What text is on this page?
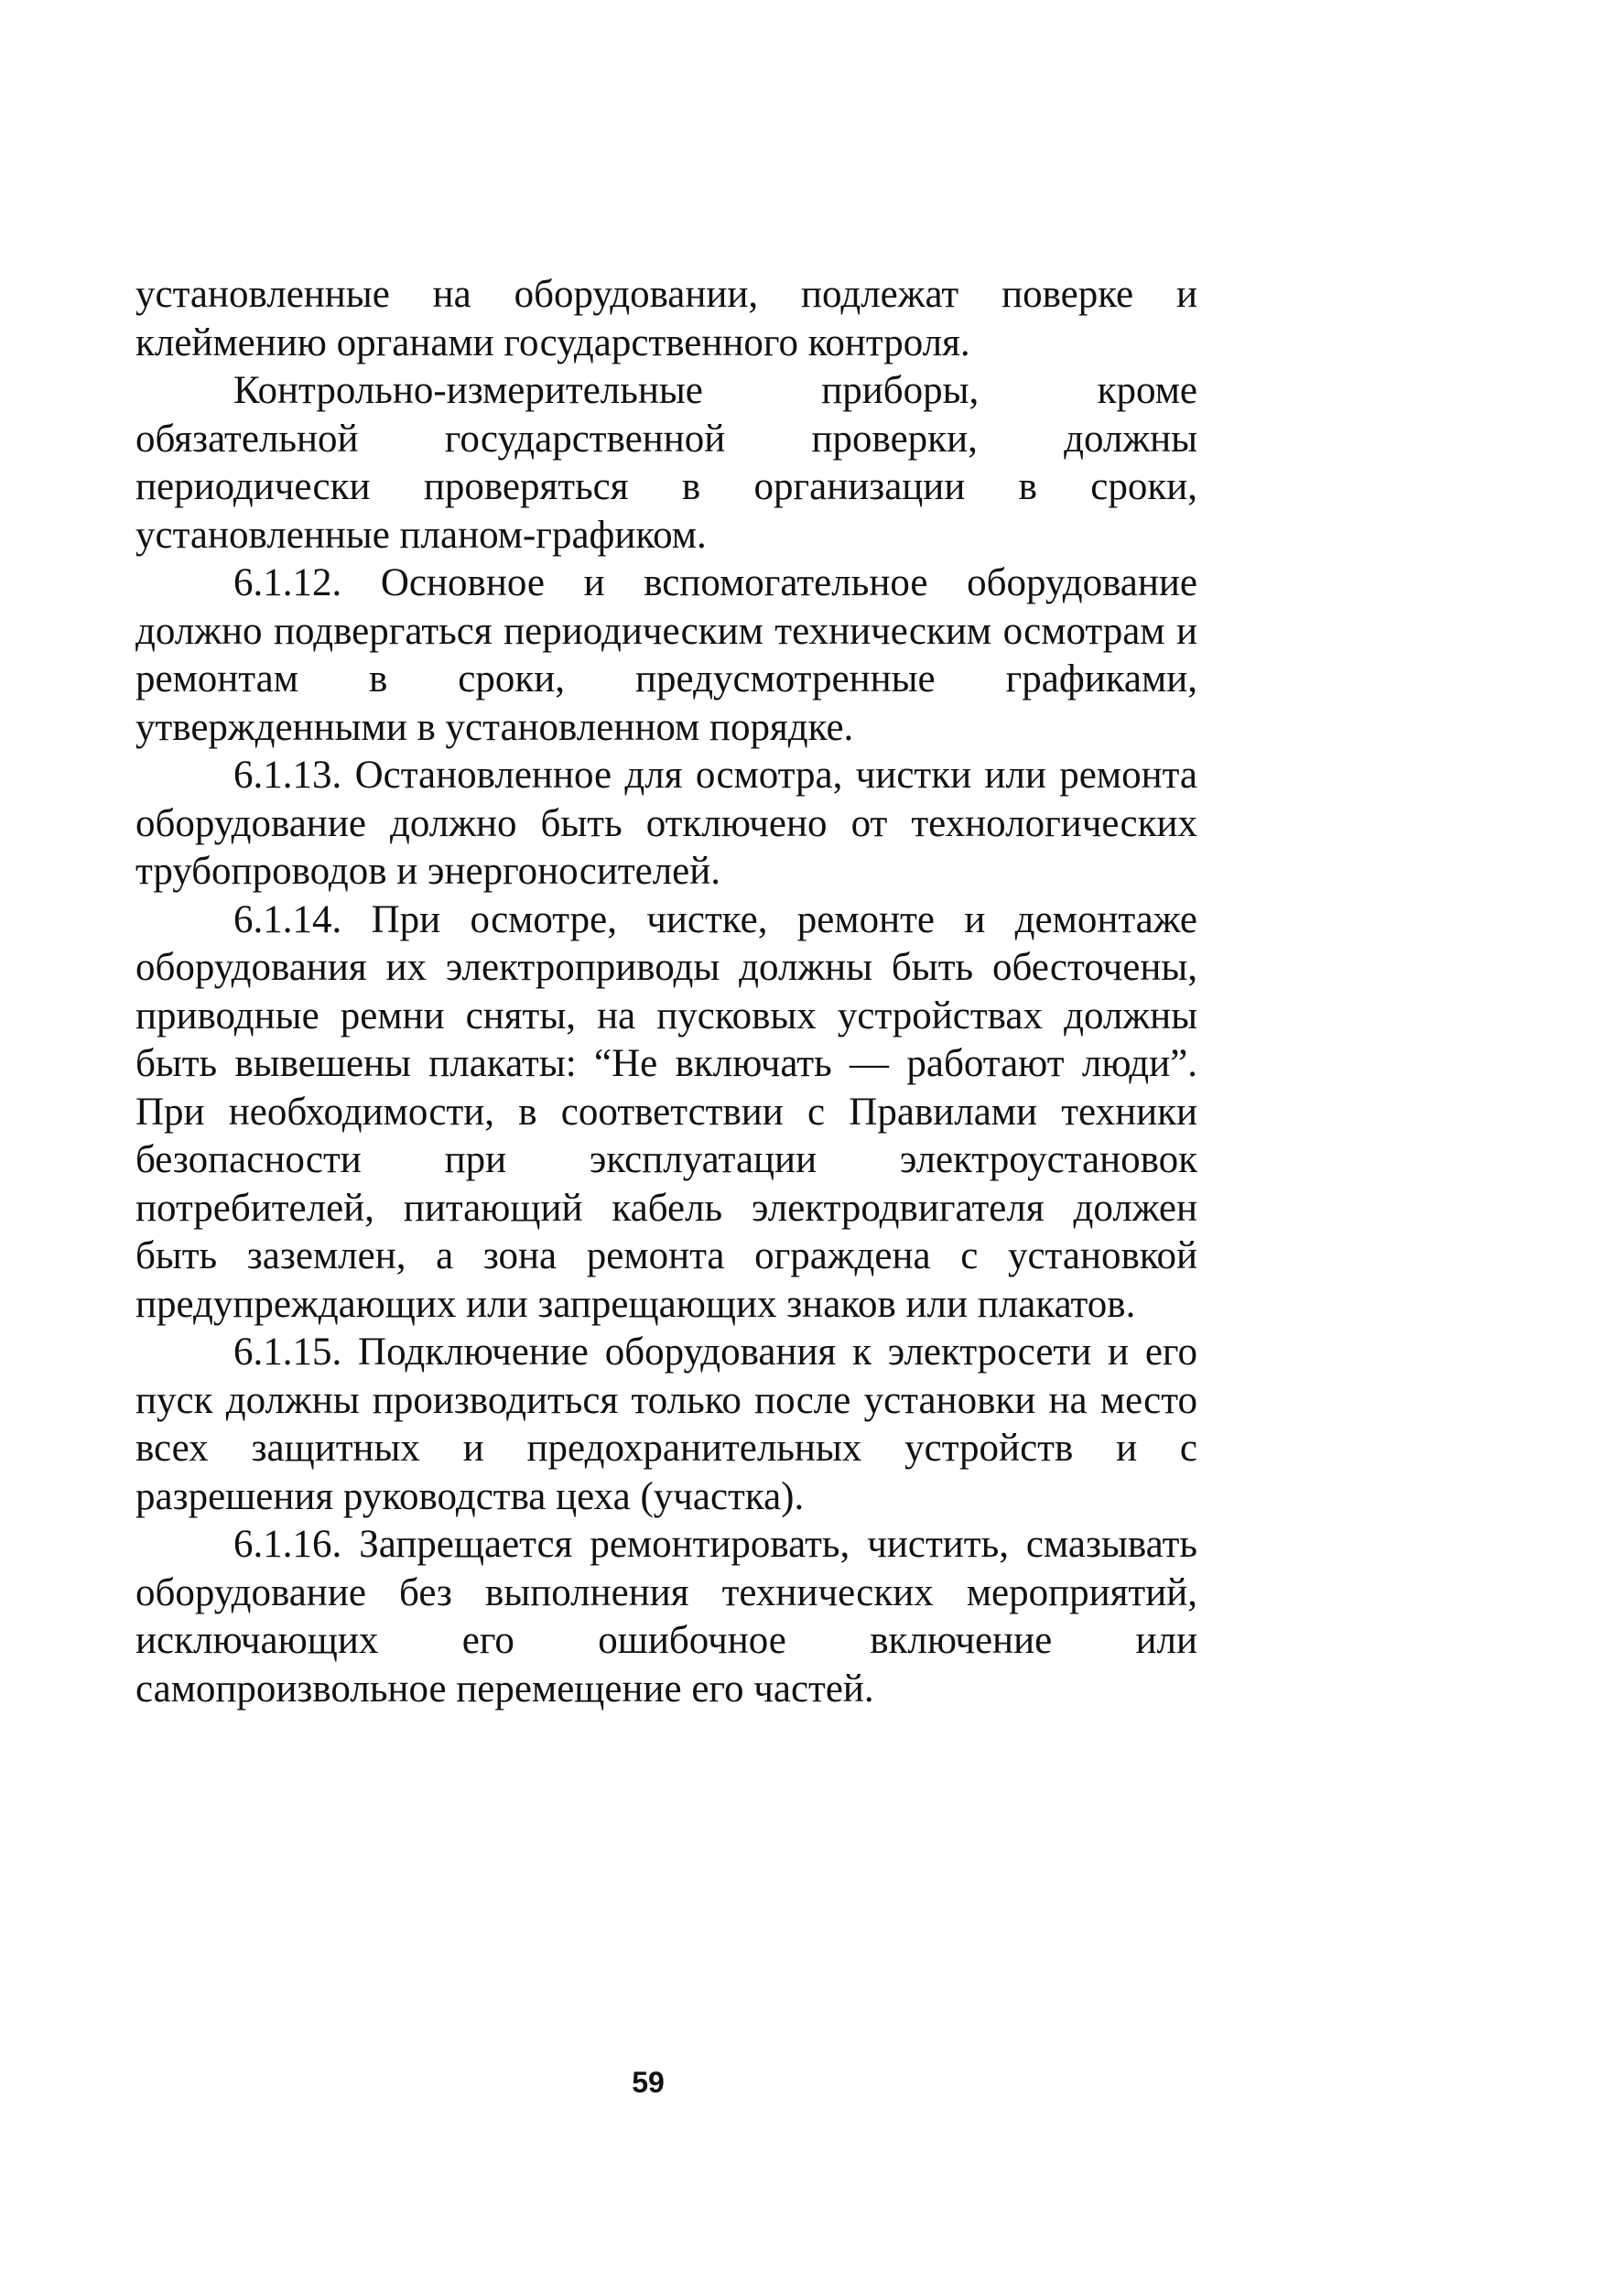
установленные на оборудовании, подлежат поверке и клеймению органами государственного контроля.

Контрольно-измерительные приборы, кроме обязательной государственной проверки, должны периодически проверяться в организации в сроки, установленные планом-графиком.

6.1.12. Основное и вспомогательное оборудование должно подвергаться периодическим техническим осмотрам и ремонтам в сроки, предусмотренные графиками, утвержденными в установленном порядке.

6.1.13. Остановленное для осмотра, чистки или ремонта оборудование должно быть отключено от технологических трубопроводов и энергоносителей.

6.1.14. При осмотре, чистке, ремонте и демонтаже оборудования их электроприводы должны быть обесточены, приводные ремни сняты, на пусковых устройствах должны быть вывешены плакаты: “Не включать — работают люди”. При необходимости, в соответствии с Правилами техники безопасности при эксплуатации электроустановок потребителей, питающий кабель электродвигателя должен быть заземлен, а зона ремонта ограждена с установкой предупреждающих или запрещающих знаков или плакатов.

6.1.15. Подключение оборудования к электросети и его пуск должны производиться только после установки на место всех защитных и предохранительных устройств и с разрешения руководства цеха (участка).

6.1.16. Запрещается ремонтировать, чистить, смазывать оборудование без выполнения технических мероприятий, исключающих его ошибочное включение или самопроизвольное перемещение его частей.

59
